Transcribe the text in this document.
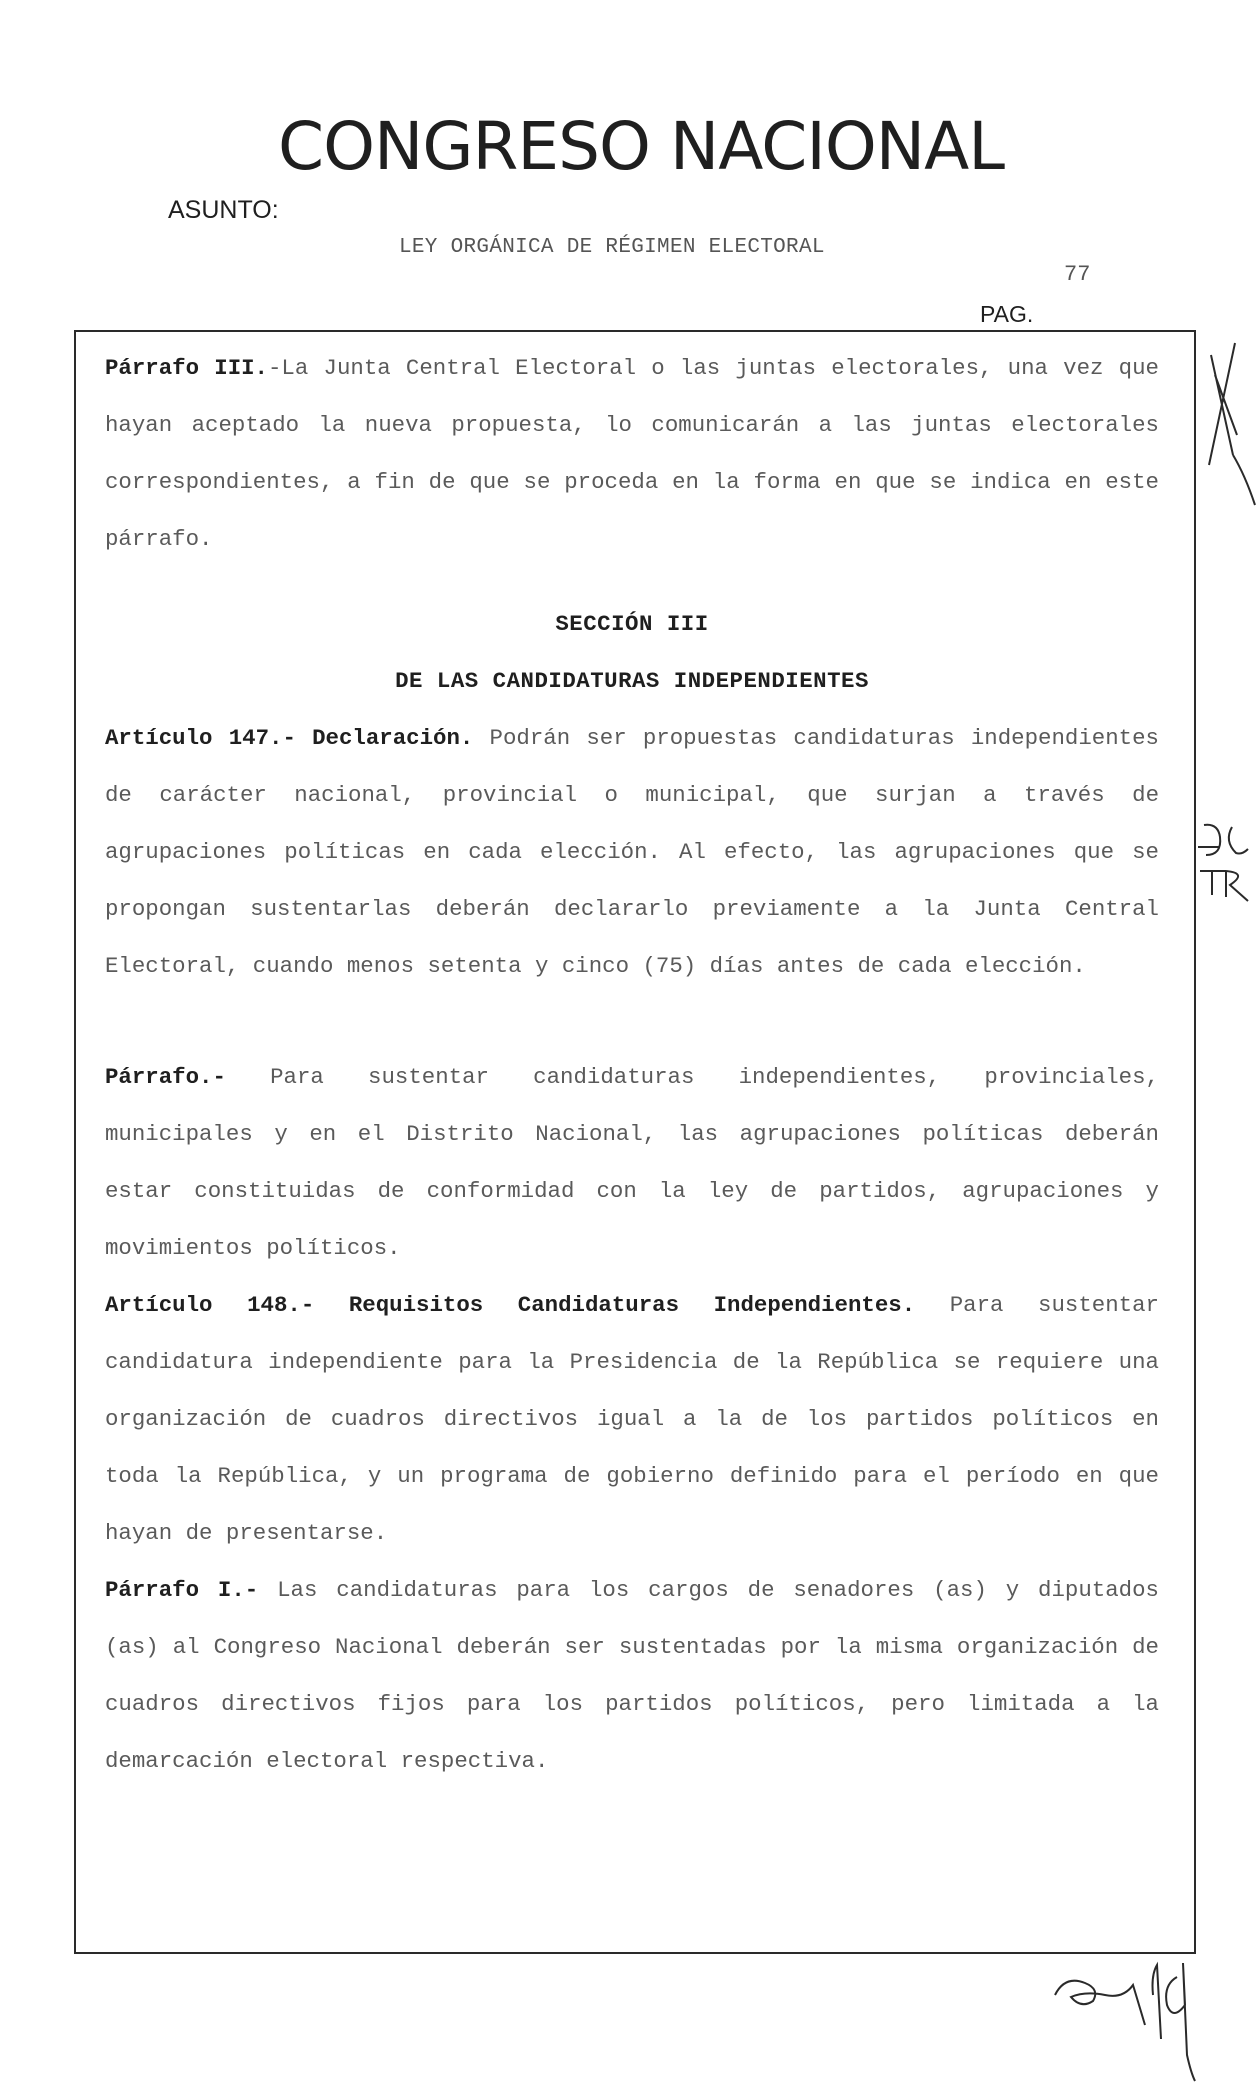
CONGRESO NACIONAL
ASUNTO:
LEY ORGÁNICA DE RÉGIMEN ELECTORAL
77
PAG.

Párrafo III.-La Junta Central Electoral o las juntas electorales, una vez que hayan aceptado la nueva propuesta, lo comunicarán a las juntas electorales correspondientes, a fin de que se proceda en la forma en que se indica en este párrafo.

SECCIÓN III

DE LAS CANDIDATURAS INDEPENDIENTES

Artículo 147.- Declaración. Podrán ser propuestas candidaturas independientes de carácter nacional, provincial o municipal, que surjan a través de agrupaciones políticas en cada elección. Al efecto, las agrupaciones que se propongan sustentarlas deberán declararlo previamente a la Junta Central Electoral, cuando menos setenta y cinco (75) días antes de cada elección.

Párrafo.- Para sustentar candidaturas independientes, provinciales, municipales y en el Distrito Nacional, las agrupaciones políticas deberán estar constituidas de conformidad con la ley de partidos, agrupaciones y movimientos políticos.

Artículo 148.- Requisitos Candidaturas Independientes. Para sustentar candidatura independiente para la Presidencia de la República se requiere una organización de cuadros directivos igual a la de los partidos políticos en toda la República, y un programa de gobierno definido para el período en que hayan de presentarse.

Párrafo I.- Las candidaturas para los cargos de senadores (as) y diputados (as) al Congreso Nacional deberán ser sustentadas por la misma organización de cuadros directivos fijos para los partidos políticos, pero limitada a la demarcación electoral respectiva.
